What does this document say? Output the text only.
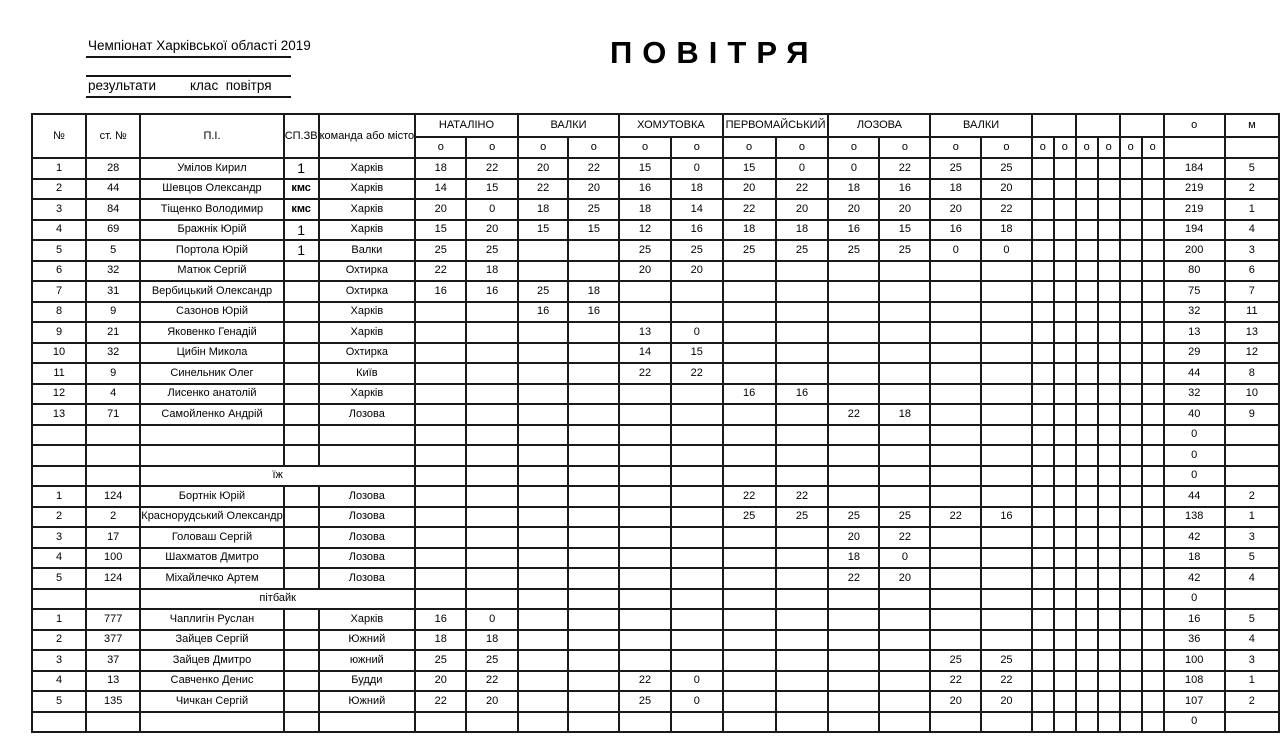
Чемпіонат Харківської області 2019
результати	клас  повітря
ПОВІТРЯ
№	ст. №	П.І.	СП.ЗВ	команда або місто	НАТАЛІНО		ВАЛКИ		ХОМУТОВКА		ПЕРВОМАЙСЬКИЙ		ЛОЗОВА		ВАЛКИ								о	м
					о	о	о	о	о	о	о	о	о	о	о	о	о	о	о	о	о	о		
1	28	Умілов Кирил	1	Харків	18	22	20	22	15	0	15	0	0	22	25	25							184	5
2	44	Шевцов Олександр	кмс	Харків	14	15	22	20	16	18	20	22	18	16	18	20							219	2
3	84	Тіщенко Володимир	кмс	Харків	20	0	18	25	18	14	22	20	20	20	20	22							219	1
4	69	Бражнік Юрій	1	Харків	15	20	15	15	12	16	18	18	16	15	16	18							194	4
5	5	Портола Юрій	1	Валки	25	25			25	25	25	25	25	25	0	0							200	3
6	32	Матюк Сергій		Охтирка	22	18			20	20													80	6
7	31	Вербицький Олександр		Охтирка	16	16	25	18															75	7
8	9	Сазонов Юрій		Харків			16	16															32	11
9	21	Яковенко Генадій		Харків					13	0													13	13
10	32	Цибін Микола		Охтирка					14	15													29	12
11	9	Синельник Олег		Київ					22	22													44	8
12	4	Лисенко анатолій		Харків							16	16											32	10
13	71	Самойленко Андрій		Лозова									22	18									40	9
																							0	
																							0	
		їж																					0	
1	124	Бортнік Юрій		Лозова							22	22											44	2
2	2	Краснорудський Олександр		Лозова							25	25	25	25	22	16							138	1
3	17	Головаш Сергій		Лозова									20	22									42	3
4	100	Шахматов Дмитро		Лозова									18	0									18	5
5	124	Міхайлечко Артем		Лозова									22	20									42	4
		пітбайк																					0	
1	777	Чаплигін Руслан		Харків	16	0																	16	5
2	377	Зайцев Сергій		Южний	18	18																	36	4
3	37	Зайцев Дмитро		южний	25	25									25	25							100	3
4	13	Савченко Денис		Будди	20	22			22	0					22	22							108	1
5	135	Чичкан Сергій		Южний	22	20			25	0					20	20							107	2
																							0	
